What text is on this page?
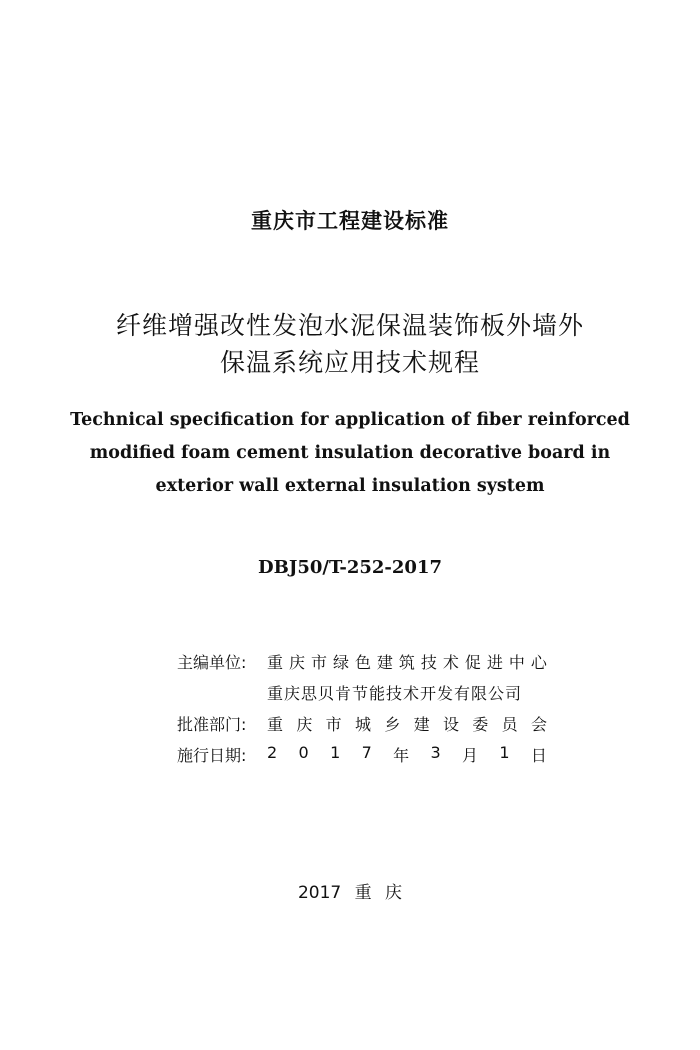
重庆市工程建设标准
纤维增强改性发泡水泥保温装饰板外墙外
保温系统应用技术规程
Technical specification for application of fiber reinforced
modified foam cement insulation decorative board in
exterior wall external insulation system
DBJ50/T-252-2017
主编单位:	重 庆 市 绿 色 建 筑 技 术 促 进 中 心
重庆思贝肯节能技术开发有限公司
批准部门:	重 庆 市 城 乡 建 设 委 员 会
施行日期:	2 0 1 7 年 3 月 1 日
2017 重 庆
